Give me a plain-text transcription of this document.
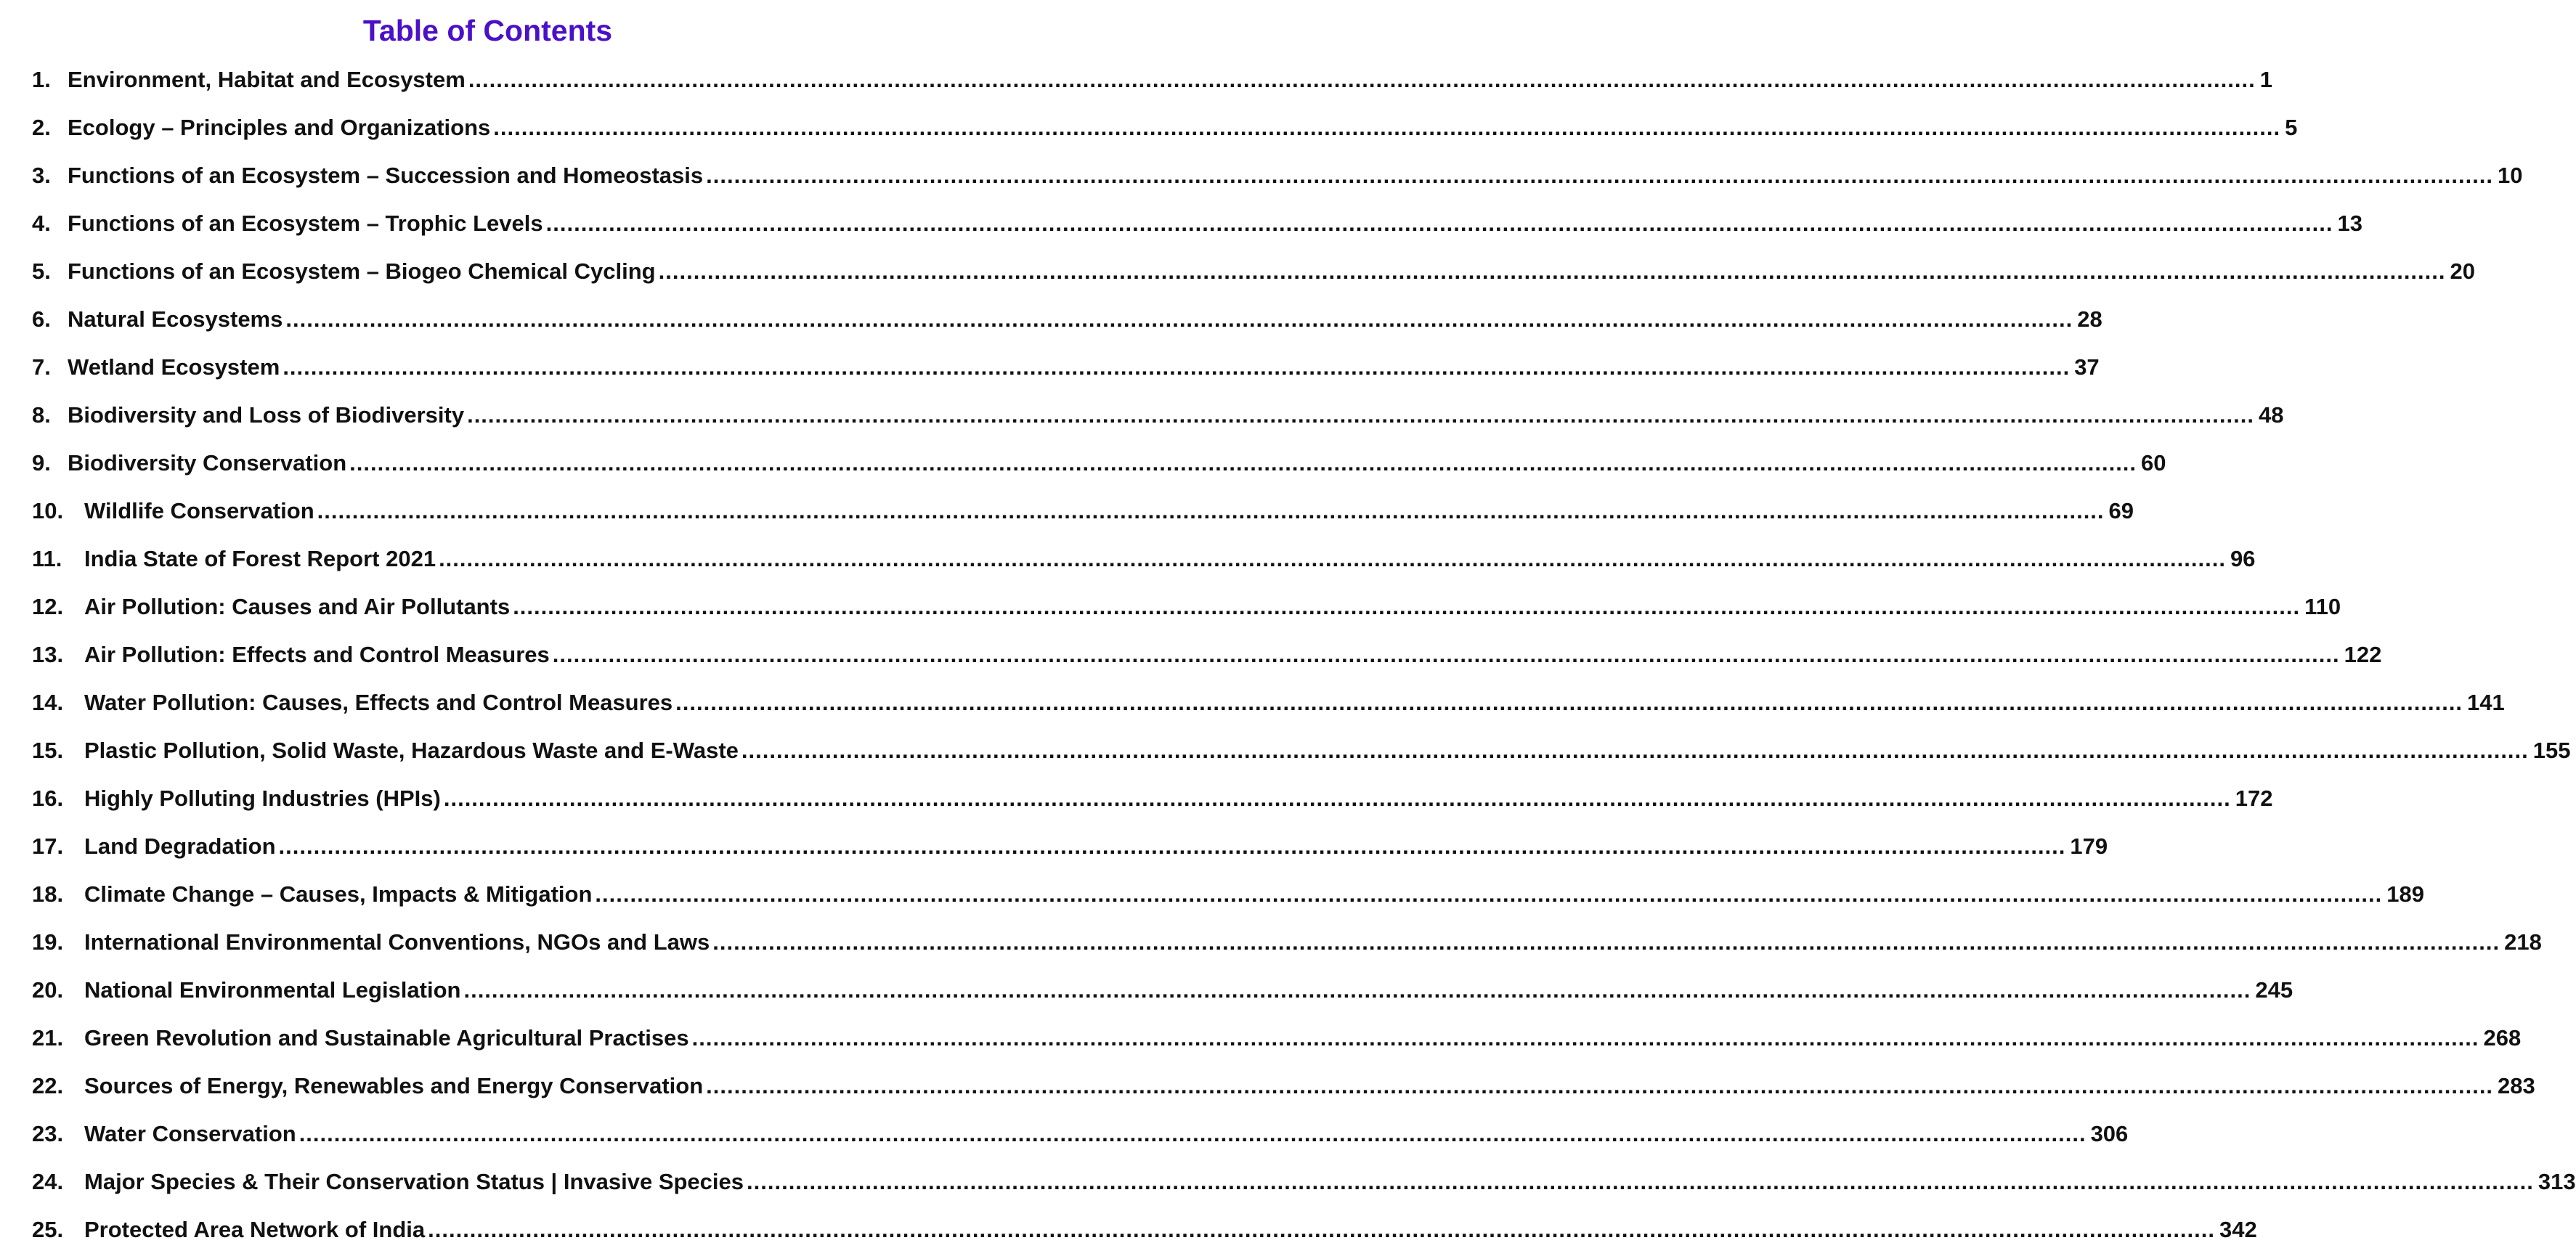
Table of Contents
1. Environment, Habitat and Ecosystem .....	1
2. Ecology – Principles and Organizations .....	5
3. Functions of an Ecosystem – Succession and Homeostasis .....	10
4. Functions of an Ecosystem – Trophic Levels .....	13
5. Functions of an Ecosystem – Biogeo Chemical Cycling .....	20
6. Natural Ecosystems .....	28
7. Wetland Ecosystem .....	37
8. Biodiversity and Loss of Biodiversity .....	48
9. Biodiversity Conservation .....	60
10. Wildlife Conservation .....	69
11. India State of Forest Report 2021 .....	96
12. Air Pollution: Causes and Air Pollutants .....	110
13. Air Pollution: Effects and Control Measures .....	122
14. Water Pollution: Causes, Effects and Control Measures .....	141
15. Plastic Pollution, Solid Waste, Hazardous Waste and E-Waste .....	155
16. Highly Polluting Industries (HPIs) .....	172
17. Land Degradation .....	179
18. Climate Change – Causes, Impacts & Mitigation .....	189
19. International Environmental Conventions, NGOs and Laws .....	218
20. National Environmental Legislation .....	245
21. Green Revolution and Sustainable Agricultural Practises .....	268
22. Sources of Energy, Renewables and Energy Conservation .....	283
23. Water Conservation .....	306
24. Major Species & Their Conservation Status | Invasive Species .....	313
25. Protected Area Network of India .....	342
